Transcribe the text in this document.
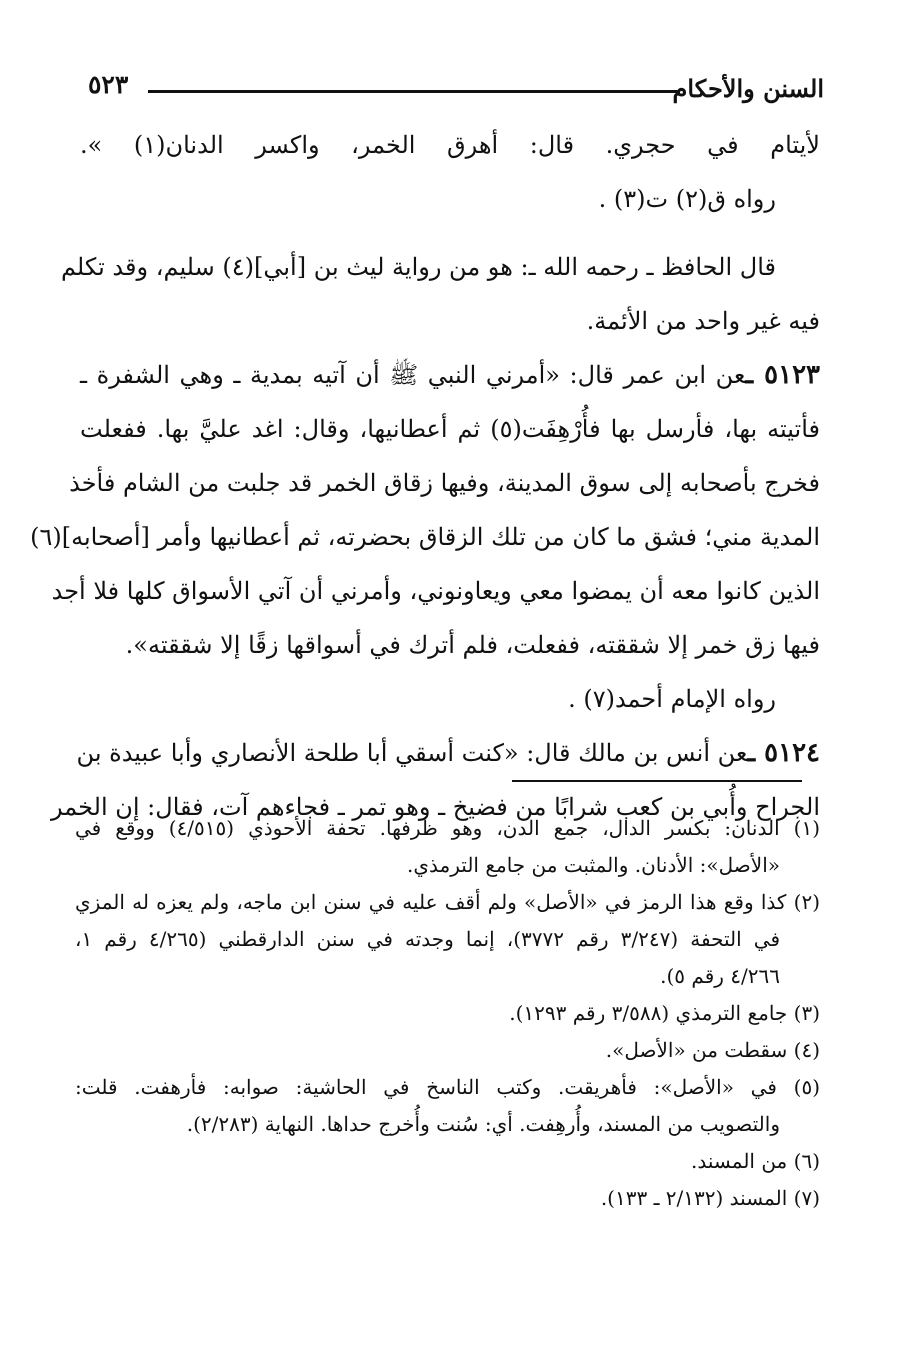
السنن والأحكام
٥٢٣
لأيتام في حجري. قال: أهرق الخمر، واكسر الدنان(١) ».
رواه ق(٢) ت(٣) .
قال الحافظ ـ رحمه الله ـ: هو من رواية ليث بن [أبي](٤) سليم، وقد تكلم
فيه غير واحد من الأئمة.
٥١٢٣ ـعن ابن عمر قال: «أمرني النبي ﷺ أن آتيه بمدية ـ وهي الشفرة ـ
فأتيته بها، فأرسل بها فأُرْهِفَت(٥) ثم أعطانيها، وقال: اغد عليَّ بها. ففعلت
فخرج بأصحابه إلى سوق المدينة، وفيها زقاق الخمر قد جلبت من الشام فأخذ
المدية مني؛ فشق ما كان من تلك الزقاق بحضرته، ثم أعطانيها وأمر [أصحابه](٦)
الذين كانوا معه أن يمضوا معي ويعاونوني، وأمرني أن آتي الأسواق كلها فلا أجد
فيها زق خمر إلا شققته، ففعلت، فلم أترك في أسواقها زقًا إلا شققته».
رواه الإمام أحمد(٧) .
٥١٢٤ ـعن أنس بن مالك قال: «كنت أسقي أبا طلحة الأنصاري وأبا عبيدة بن
الجراح وأُبي بن كعب شرابًا من فضيخ ـ وهو تمر ـ فجاءهم آت، فقال: إن الخمر
(١) الدنان: بكسر الدال، جمع الدن، وهو ظرفها. تحفة الأحوذي (٤/٥١٥) ووقع في
«الأصل»: الأدنان. والمثبت من جامع الترمذي.
(٢) كذا وقع هذا الرمز في «الأصل» ولم أقف عليه في سنن ابن ماجه، ولم يعزه له المزي
في التحفة (٣/٢٤٧ رقم ٣٧٧٢)، إنما وجدته في سنن الدارقطني (٤/٢٦٥ رقم ١،
٤/٢٦٦ رقم ٥).
(٣) جامع الترمذي (٣/٥٨٨ رقم ١٢٩٣).
(٤) سقطت من «الأصل».
(٥) في «الأصل»: فأهريقت. وكتب الناسخ في الحاشية: صوابه: فأرهفت. قلت:
والتصويب من المسند، وأُرهِفت. أي: سُنت وأُخرج حداها. النهاية (٢/٢٨٣).
(٦) من المسند.
(٧) المسند (٢/١٣٢ ـ ١٣٣).
